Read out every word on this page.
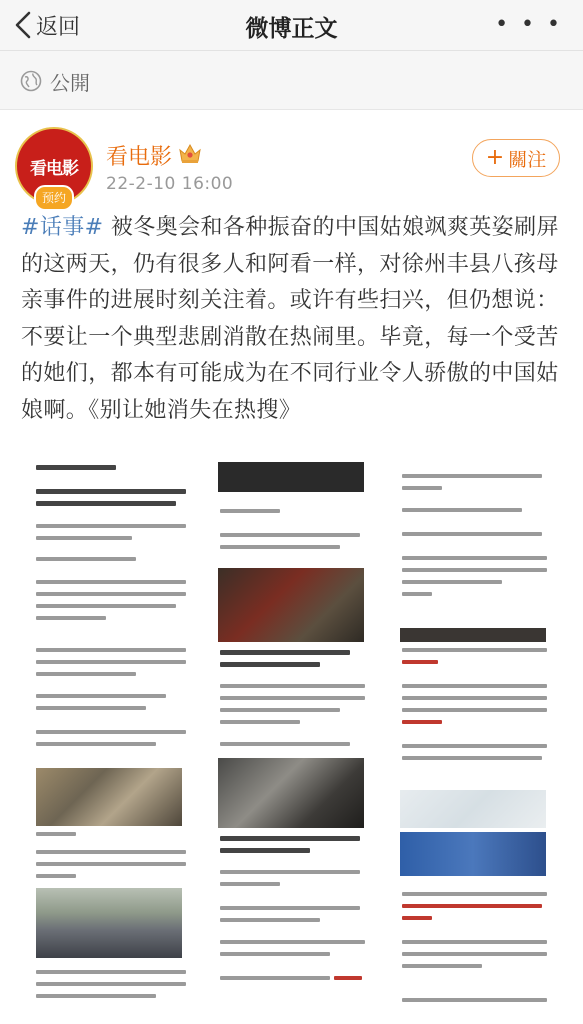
返回	微博正文	• • •
公開
看电影
预约
看电影
22-2-10 16:00
+ 關注
#话事# 被冬奥会和各种振奋的中国姑娘飒爽英姿刷屏的这两天，仍有很多人和阿看一样，对徐州丰县八孩母亲事件的进展时刻关注着。或许有些扫兴，但仍想说：不要让一个典型悲剧消散在热闹里。毕竟，每一个受苦的她们，都本有可能成为在不同行业令人骄傲的中国姑娘啊。《别让她消失在热搜》
